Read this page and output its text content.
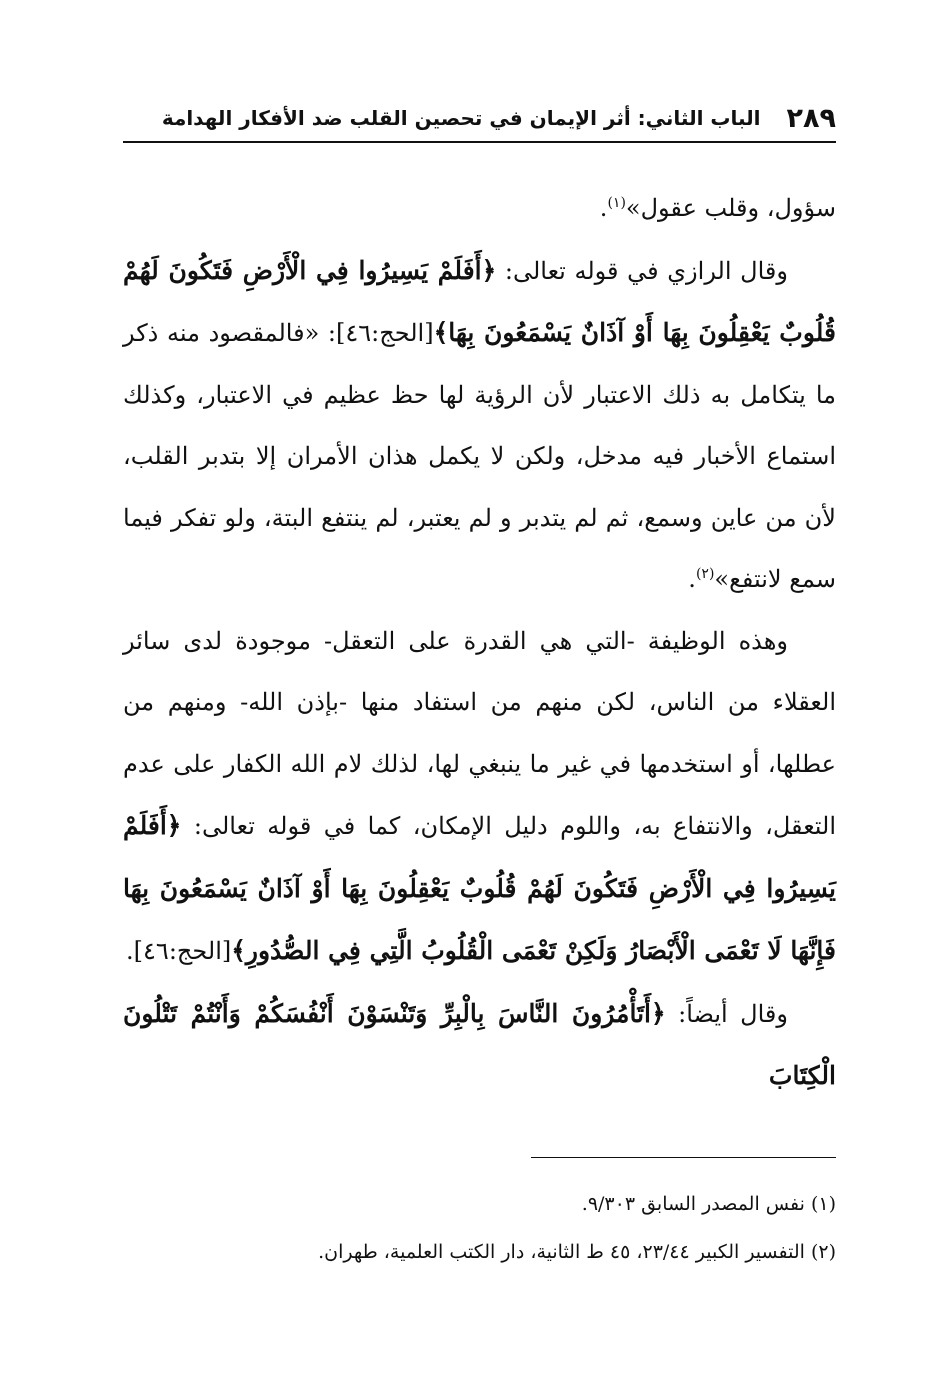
٢٨٩
الباب الثاني: أثر الإيمان في تحصين القلب ضد الأفكار الهدامة

سؤول، وقلب عقول»$^{(١)}$.

وقال الرازي في قوله تعالى: ﴿أَفَلَمْ يَسِيرُوا فِي الْأَرْضِ فَتَكُونَ لَهُمْ قُلُوبٌ يَعْقِلُونَ بِهَا أَوْ آذَانٌ يَسْمَعُونَ بِهَا﴾[الحج:٤٦]: «فالمقصود منه ذكر ما يتكامل به ذلك الاعتبار لأن الرؤية لها حظ عظيم في الاعتبار، وكذلك استماع الأخبار فيه مدخل، ولكن لا يكمل هذان الأمران إلا بتدبر القلب، لأن من عاين وسمع، ثم لم يتدبر و لم يعتبر، لم ينتفع البتة، ولو تفكر فيما سمع لانتفع»$^{(٢)}$.

وهذه الوظيفة -التي هي القدرة على التعقل- موجودة لدى سائر العقلاء من الناس، لكن منهم من استفاد منها -بإذن الله- ومنهم من عطلها، أو استخدمها في غير ما ينبغي لها، لذلك لام الله الكفار على عدم التعقل، والانتفاع به، واللوم دليل الإمكان، كما في قوله تعالى: ﴿أَفَلَمْ يَسِيرُوا فِي الْأَرْضِ فَتَكُونَ لَهُمْ قُلُوبٌ يَعْقِلُونَ بِهَا أَوْ آذَانٌ يَسْمَعُونَ بِهَا فَإِنَّهَا لَا تَعْمَى الْأَبْصَارُ وَلَكِنْ تَعْمَى الْقُلُوبُ الَّتِي فِي الصُّدُورِ﴾[الحج:٤٦].

وقال أيضاً: ﴿أَتَأْمُرُونَ النَّاسَ بِالْبِرِّ وَتَنْسَوْنَ أَنْفُسَكُمْ وَأَنْتُمْ تَتْلُونَ الْكِتَابَ

(١) نفس المصدر السابق ٩/٣٠٣.

(٢) التفسير الكبير ٢٣/٤٤، ٤٥ ط الثانية، دار الكتب العلمية، طهران.
